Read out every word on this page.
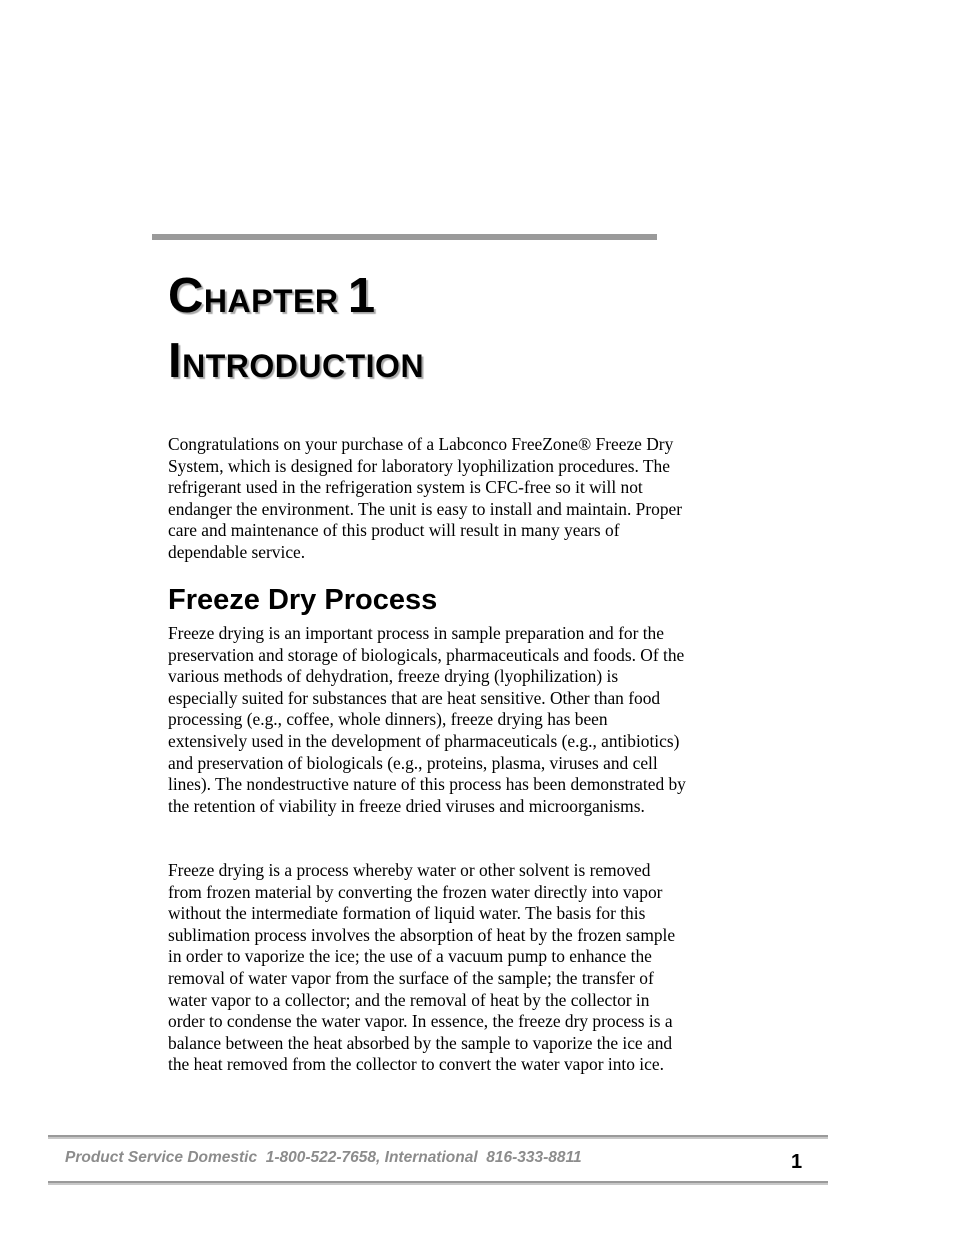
CHAPTER 1
INTRODUCTION

Congratulations on your purchase of a Labconco FreeZone® Freeze Dry System, which is designed for laboratory lyophilization procedures. The refrigerant used in the refrigeration system is CFC-free so it will not endanger the environment. The unit is easy to install and maintain. Proper care and maintenance of this product will result in many years of dependable service.

Freeze Dry Process

Freeze drying is an important process in sample preparation and for the preservation and storage of biologicals, pharmaceuticals and foods. Of the various methods of dehydration, freeze drying (lyophilization) is especially suited for substances that are heat sensitive. Other than food processing (e.g., coffee, whole dinners), freeze drying has been extensively used in the development of pharmaceuticals (e.g., antibiotics) and preservation of biologicals (e.g., proteins, plasma, viruses and cell lines). The nondestructive nature of this process has been demonstrated by the retention of viability in freeze dried viruses and microorganisms.

Freeze drying is a process whereby water or other solvent is removed from frozen material by converting the frozen water directly into vapor without the intermediate formation of liquid water. The basis for this sublimation process involves the absorption of heat by the frozen sample in order to vaporize the ice; the use of a vacuum pump to enhance the removal of water vapor from the surface of the sample; the transfer of water vapor to a collector; and the removal of heat by the collector in order to condense the water vapor. In essence, the freeze dry process is a balance between the heat absorbed by the sample to vaporize the ice and the heat removed from the collector to convert the water vapor into ice.

Product Service Domestic  1-800-522-7658, International  816-333-8811	1
